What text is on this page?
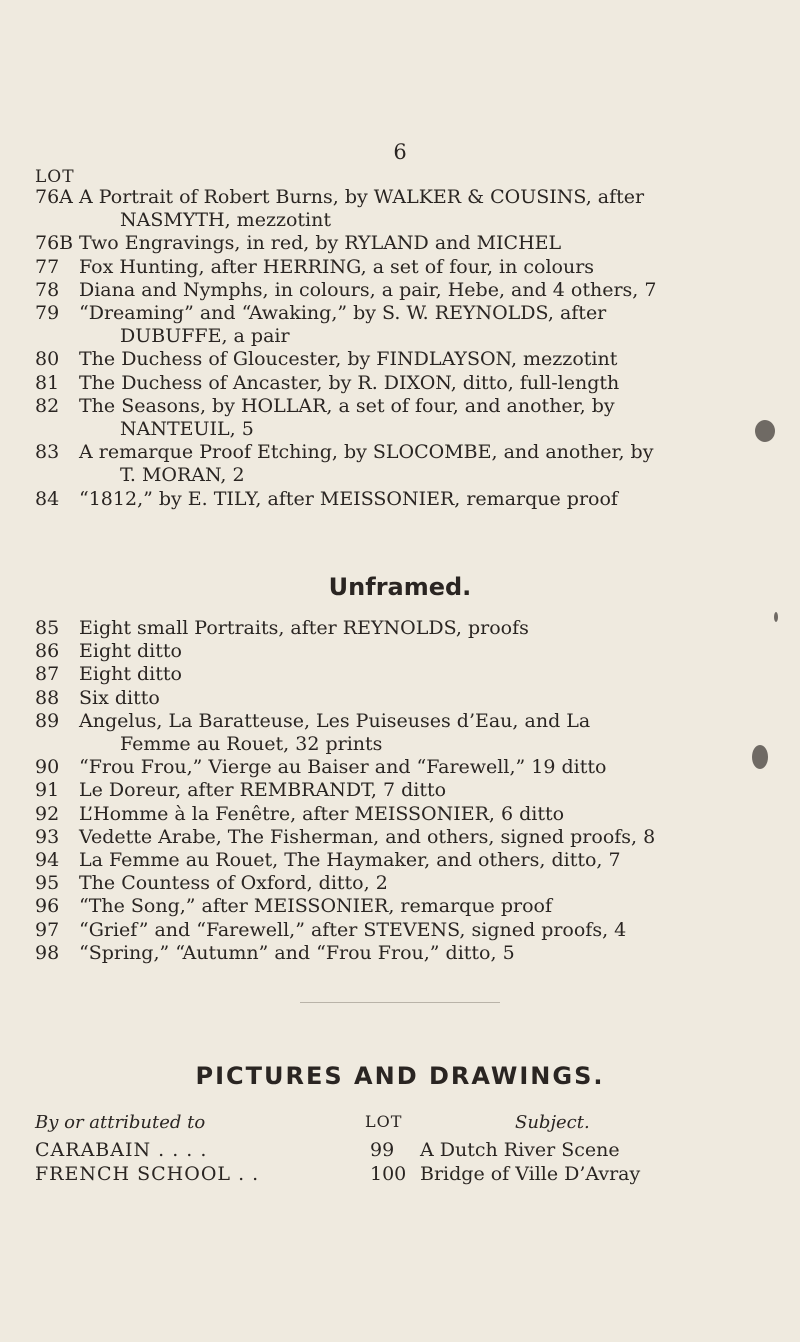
6
LOT
76A A Portrait of Robert Burns, by WALKER & COUSINS, after
NASMYTH, mezzotint
76B Two Engravings, in red, by RYLAND and MICHEL
77	Fox Hunting, after HERRING, a set of four, in colours
78	Diana and Nymphs, in colours, a pair, Hebe, and 4 others, 7
79	“Dreaming” and “Awaking,” by S. W. REYNOLDS, after
DUBUFFE, a pair
80	The Duchess of Gloucester, by FINDLAYSON, mezzotint
81	The Duchess of Ancaster, by R. DIXON, ditto, full-length
82	The Seasons, by HOLLAR, a set of four, and another, by
NANTEUIL, 5
83	A remarque Proof Etching, by SLOCOMBE, and another, by
T. MORAN, 2
84	“1812,” by E. TILY, after MEISSONIER, remarque proof
Unframed.
85	Eight small Portraits, after REYNOLDS, proofs
86	Eight ditto
87	Eight ditto
88	Six ditto
89	Angelus, La Baratteuse, Les Puiseuses d’Eau, and La
Femme au Rouet, 32 prints
90	“Frou Frou,” Vierge au Baiser and “Farewell,” 19 ditto
91	Le Doreur, after REMBRANDT, 7 ditto
92	L’Homme à la Fenêtre, after MEISSONIER, 6 ditto
93	Vedette Arabe, The Fisherman, and others, signed proofs, 8
94	La Femme au Rouet, The Haymaker, and others, ditto, 7
95	The Countess of Oxford, ditto, 2
96	“The Song,” after MEISSONIER, remarque proof
97	“Grief” and “Farewell,” after STEVENS, signed proofs, 4
98	“Spring,” “Autumn” and “Frou Frou,” ditto, 5
PICTURES AND DRAWINGS.
By or attributed to	LOT	Subject.
CARABAIN . . . .	99 A Dutch River Scene
FRENCH SCHOOL . .	100 Bridge of Ville D’Avray
